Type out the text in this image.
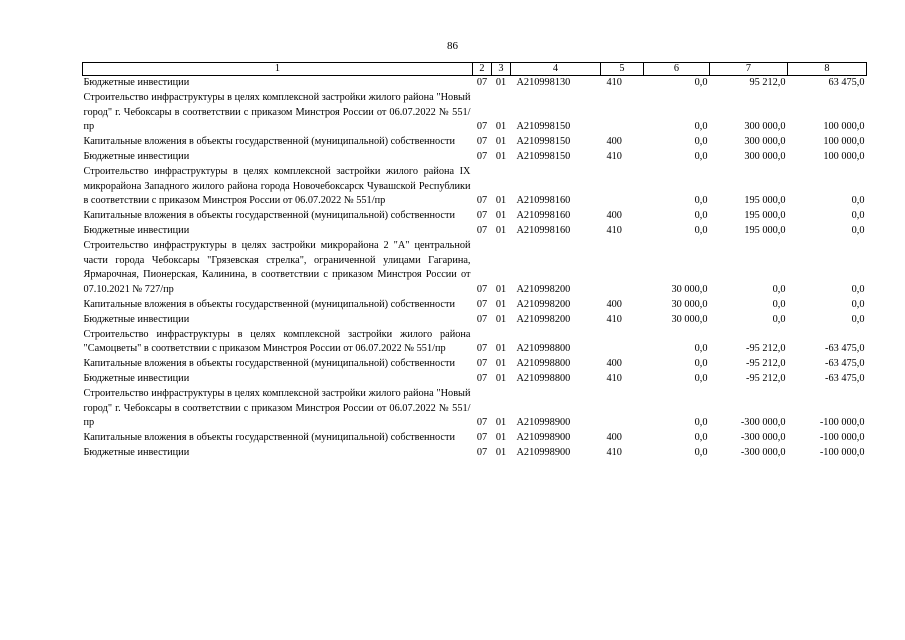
86
1	2	3	4	5	6	7	8
Бюджетные инвестиции	07	01	А210998130	410	0,0	95 212,0	63 475,0
Строительство инфраструктуры в целях комплексной застройки жилого района "Новый город" г. Чебоксары в соответствии с приказом Минстроя России от 06.07.2022 № 551/пр	07	01	А210998150		0,0	300 000,0	100 000,0
Капитальные вложения в объекты государственной (муниципальной) собственности	07	01	А210998150	400	0,0	300 000,0	100 000,0
Бюджетные инвестиции	07	01	А210998150	410	0,0	300 000,0	100 000,0
Строительство инфраструктуры в целях комплексной застройки жилого района IX микрорайона Западного жилого района города Новочебоксарск Чувашской Республики в соответствии с приказом Минстроя России от 06.07.2022 № 551/пр	07	01	А210998160		0,0	195 000,0	0,0
Капитальные вложения в объекты государственной (муниципальной) собственности	07	01	А210998160	400	0,0	195 000,0	0,0
Бюджетные инвестиции	07	01	А210998160	410	0,0	195 000,0	0,0
Строительство инфраструктуры в целях застройки микрорайона 2 "А" центральной части города Чебоксары "Грязевская стрелка", ограниченной улицами Гагарина, Ярмарочная, Пионерская, Калинина, в соответствии с приказом Минстроя России от 07.10.2021 № 727/пр	07	01	А210998200		30 000,0	0,0	0,0
Капитальные вложения в объекты государственной (муниципальной) собственности	07	01	А210998200	400	30 000,0	0,0	0,0
Бюджетные инвестиции	07	01	А210998200	410	30 000,0	0,0	0,0
Строительство инфраструктуры в целях комплексной застройки жилого района "Самоцветы" в соответствии с приказом Минстроя России от 06.07.2022 № 551/пр	07	01	А210998800		0,0	-95 212,0	-63 475,0
Капитальные вложения в объекты государственной (муниципальной) собственности	07	01	А210998800	400	0,0	-95 212,0	-63 475,0
Бюджетные инвестиции	07	01	А210998800	410	0,0	-95 212,0	-63 475,0
Строительство инфраструктуры в целях комплексной застройки жилого района "Новый город" г. Чебоксары в соответствии с приказом Минстроя России от 06.07.2022 № 551/пр	07	01	А210998900		0,0	-300 000,0	-100 000,0
Капитальные вложения в объекты государственной (муниципальной) собственности	07	01	А210998900	400	0,0	-300 000,0	-100 000,0
Бюджетные инвестиции	07	01	А210998900	410	0,0	-300 000,0	-100 000,0
